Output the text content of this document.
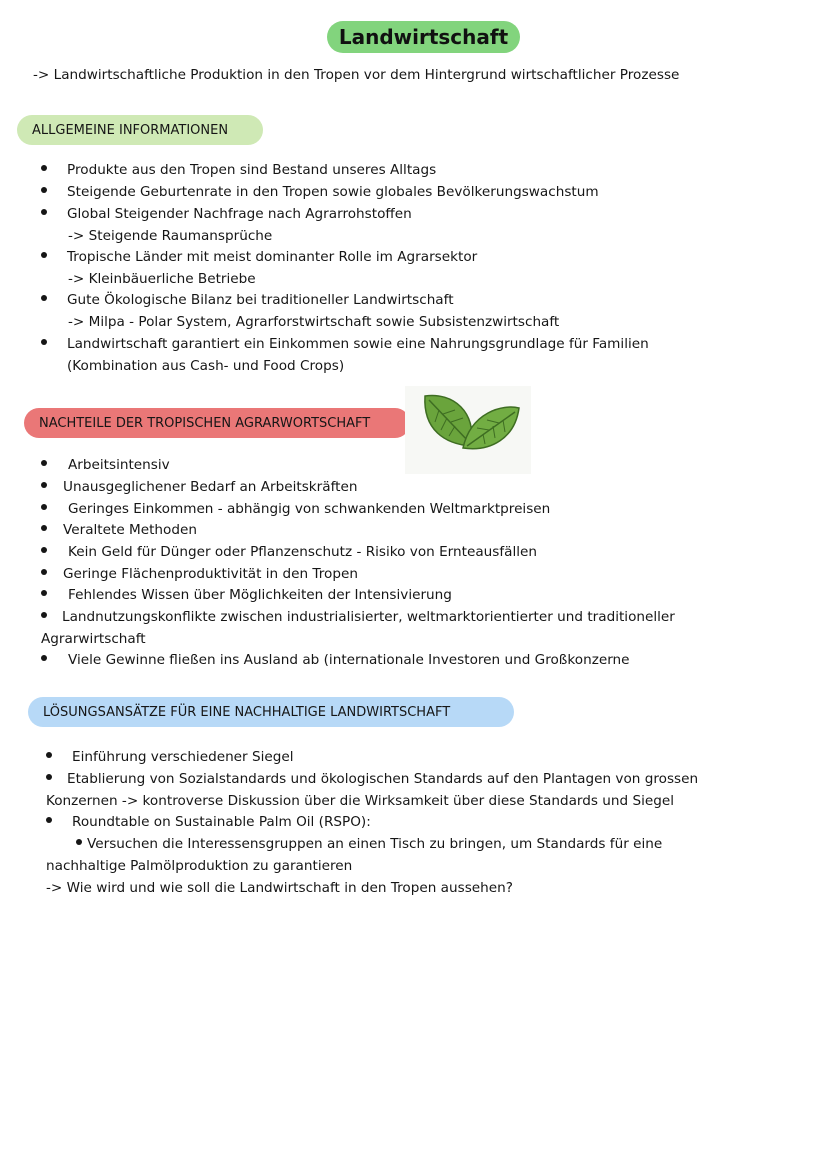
Landwirtschaft
-> Landwirtschaftliche Produktion in den Tropen vor dem Hintergrund wirtschaftlicher Prozesse
ALLGEMEINE INFORMATIONEN
Produkte aus den Tropen sind Bestand unseres Alltags
Steigende Geburtenrate in den Tropen sowie globales Bevölkerungswachstum
Global Steigender Nachfrage nach Agrarrohstoffen
-> Steigende Raumansprüche
Tropische Länder mit meist dominanter Rolle im Agrarsektor
-> Kleinbäuerliche Betriebe
Gute Ökologische Bilanz bei traditioneller Landwirtschaft
-> Milpa - Polar System, Agrarforstwirtschaft sowie Subsistenzwirtschaft
Landwirtschaft garantiert ein Einkommen sowie eine Nahrungsgrundlage für Familien
(Kombination aus Cash- und Food Crops)
NACHTEILE DER TROPISCHEN AGRARWORTSCHAFT
Arbeitsintensiv
Unausgeglichener Bedarf an Arbeitskräften
Geringes Einkommen - abhängig von schwankenden Weltmarktpreisen
Veraltete Methoden
Kein Geld für Dünger oder Pflanzenschutz - Risiko von Ernteausfällen
Geringe Flächenproduktivität in den Tropen
Fehlendes Wissen über Möglichkeiten der Intensivierung
Landnutzungskonflikte zwischen industrialisierter, weltmarktorientierter und traditioneller
Agrarwirtschaft
Viele Gewinne fließen ins Ausland ab (internationale Investoren und Großkonzerne
LÖSUNGSANSÄTZE FÜR EINE NACHHALTIGE LANDWIRTSCHAFT
Einführung verschiedener Siegel
Etablierung von Sozialstandards und ökologischen Standards auf den Plantagen von grossen
Konzernen -> kontroverse Diskussion über die Wirksamkeit über diese Standards und Siegel
Roundtable on Sustainable Palm Oil (RSPO):
Versuchen die Interessensgruppen an einen Tisch zu bringen, um Standards für eine
nachhaltige Palmölproduktion zu garantieren
-> Wie wird und wie soll die Landwirtschaft in den Tropen aussehen?
